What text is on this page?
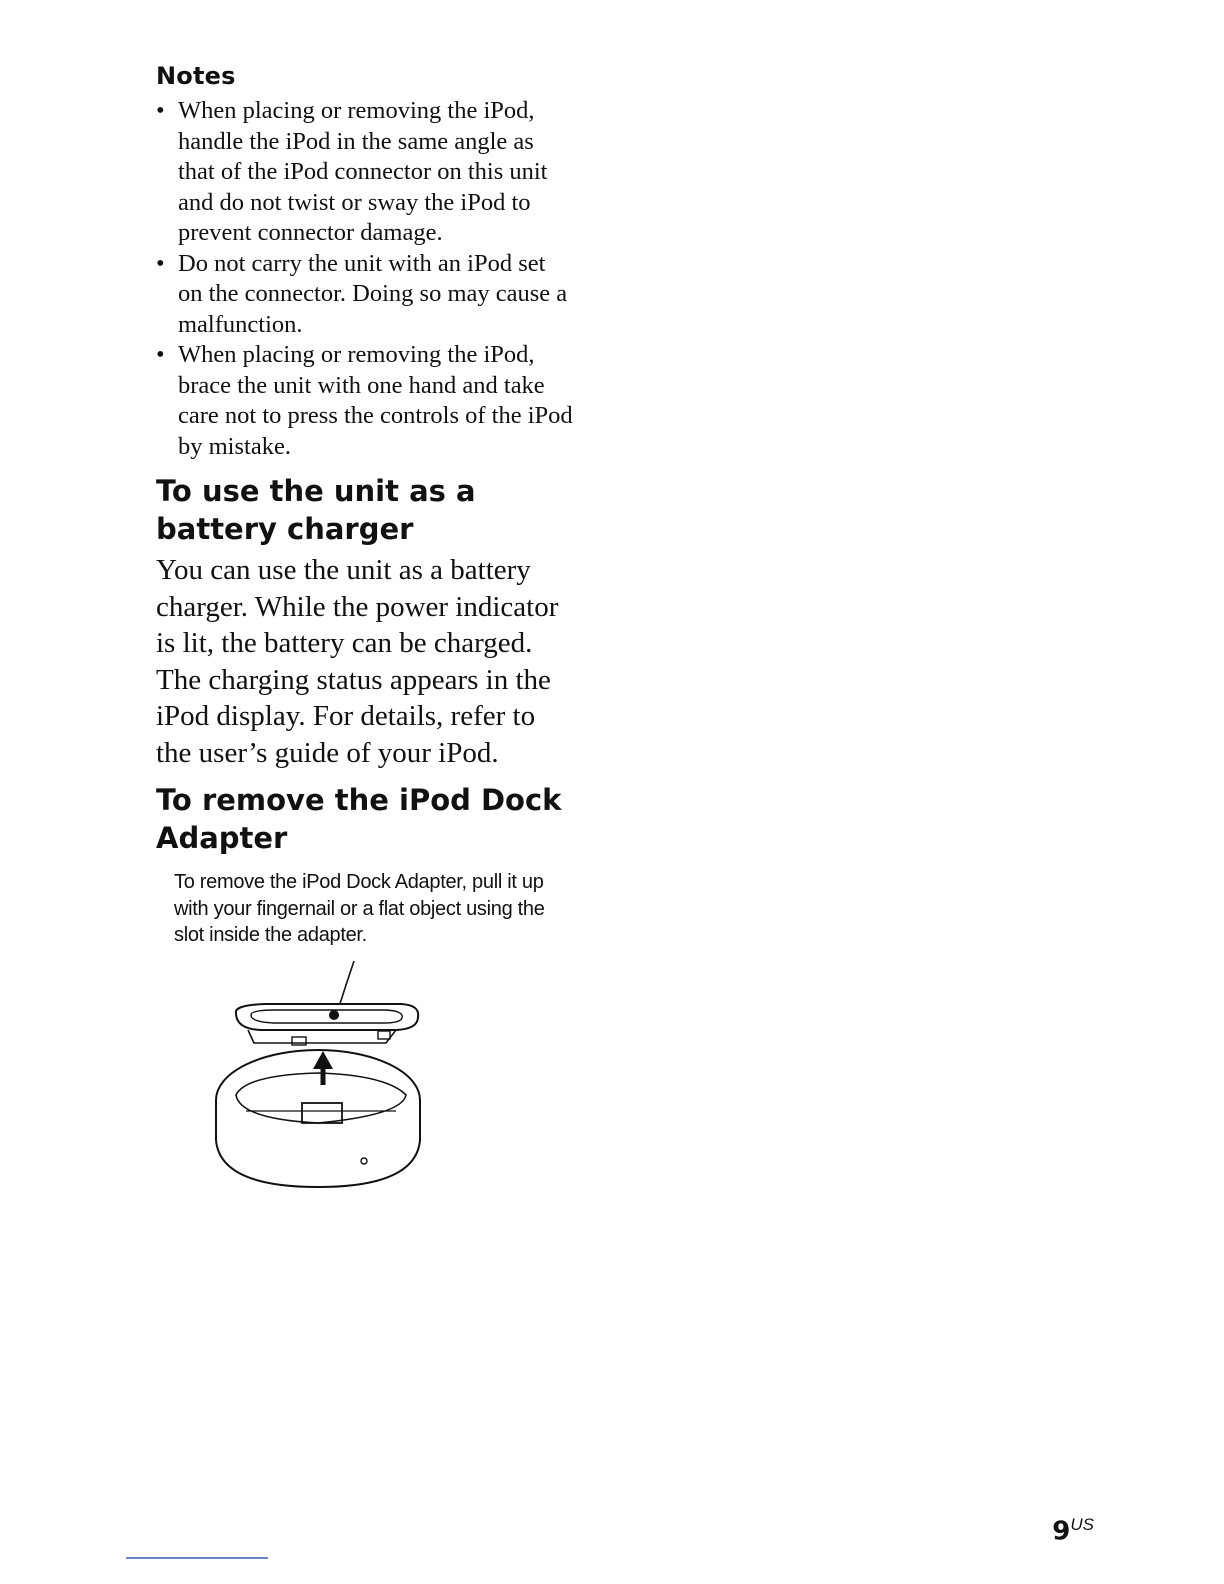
Notes
• When placing or removing the iPod, handle the iPod in the same angle as that of the iPod connector on this unit and do not twist or sway the iPod to prevent connector damage.
• Do not carry the unit with an iPod set on the connector. Doing so may cause a malfunction.
• When placing or removing the iPod, brace the unit with one hand and take care not to press the controls of the iPod by mistake.
To use the unit as a battery charger

You can use the unit as a battery charger. While the power indicator is lit, the battery can be charged. The charging status appears in the iPod display. For details, refer to the user’s guide of your iPod.

To remove the iPod Dock Adapter

To remove the iPod Dock Adapter, pull it up with your fingernail or a flat object using the slot inside the adapter.

$9^{US}$
